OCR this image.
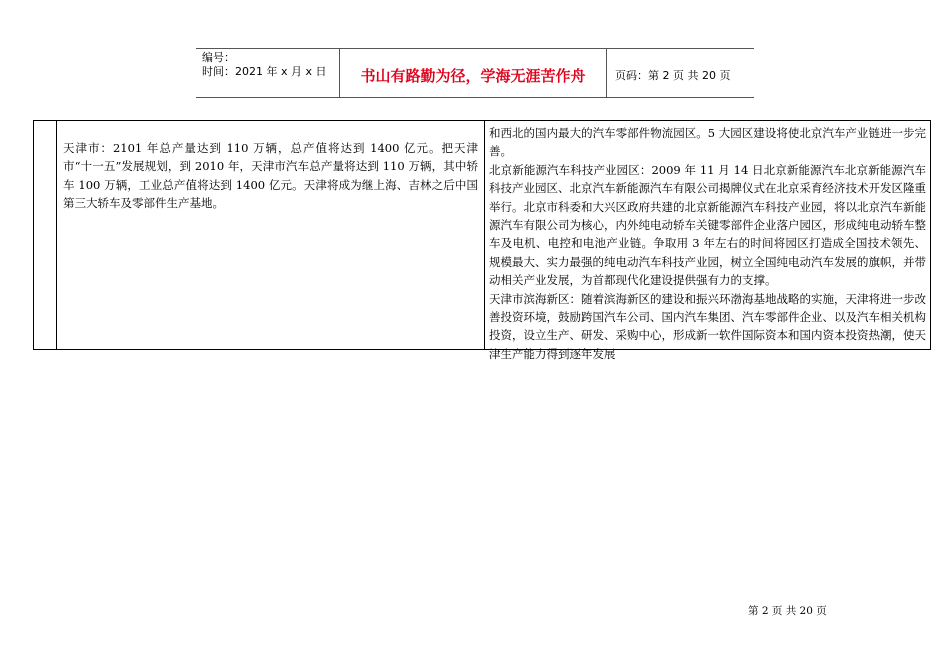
编号：
时间：2021 年 x 月 x 日	书山有路勤为径，学海无涯苦作舟	页码：第 2 页 共 20 页

天津市：2101 年总产量达到 110 万辆，总产值将达到 1400 亿元。把天津市“十一五”发展规划，到 2010 年，天津市汽车总产量将达到 110 万辆，其中轿车 100 万辆，工业总产值将达到 1400 亿元。天津将成为继上海、吉林之后中国第三大轿车及零部件生产基地。

和西北的国内最大的汽车零部件物流园区。5 大园区建设将使北京汽车产业链进一步完善。

北京新能源汽车科技产业园区：2009 年 11 月 14 日北京新能源汽车北京新能源汽车科技产业园区、北京汽车新能源汽车有限公司揭牌仪式在北京采育经济技术开发区隆重举行。北京市科委和大兴区政府共建的北京新能源汽车科技产业园，将以北京汽车新能源汽车有限公司为核心，内外纯电动轿车关键零部件企业落户园区，形成纯电动轿车整车及电机、电控和电池产业链。争取用 3 年左右的时间将园区打造成全国技术领先、规模最大、实力最强的纯电动汽车科技产业园，树立全国纯电动汽车发展的旗帜，并带动相关产业发展，为首都现代化建设提供强有力的支撑。

天津市滨海新区：随着滨海新区的建设和振兴环渤海基地战略的实施，天津将进一步改善投资环境，鼓励跨国汽车公司、国内汽车集团、汽车零部件企业、以及汽车相关机构投资，设立生产、研发、采购中心，形成新一软件国际资本和国内资本投资热潮，使天津生产能力得到逐年发展

第 2 页 共 20 页
